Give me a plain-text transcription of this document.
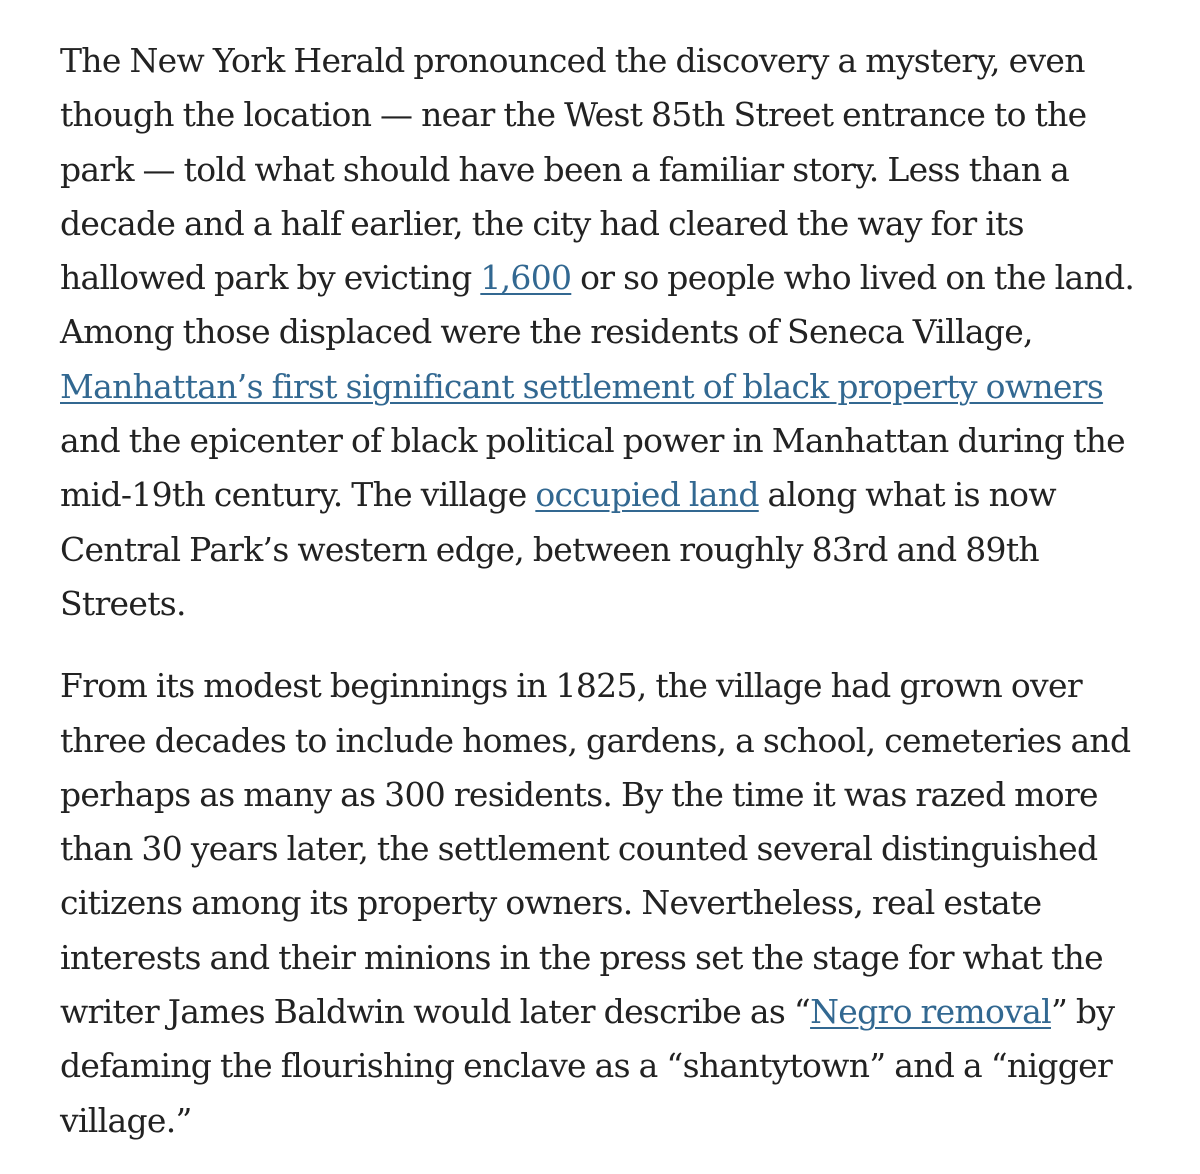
The New York Herald pronounced the discovery a mystery, even though the location — near the West 85th Street entrance to the park — told what should have been a familiar story. Less than a decade and a half earlier, the city had cleared the way for its hallowed park by evicting 1,600 or so people who lived on the land. Among those displaced were the residents of Seneca Village, Manhattan’s first significant settlement of black property owners and the epicenter of black political power in Manhattan during the mid-19th century. The village occupied land along what is now Central Park’s western edge, between roughly 83rd and 89th Streets.

From its modest beginnings in 1825, the village had grown over three decades to include homes, gardens, a school, cemeteries and perhaps as many as 300 residents. By the time it was razed more than 30 years later, the settlement counted several distinguished citizens among its property owners. Nevertheless, real estate interests and their minions in the press set the stage for what the writer James Baldwin would later describe as “Negro removal” by defaming the flourishing enclave as a “shantytown” and a “nigger village.”
